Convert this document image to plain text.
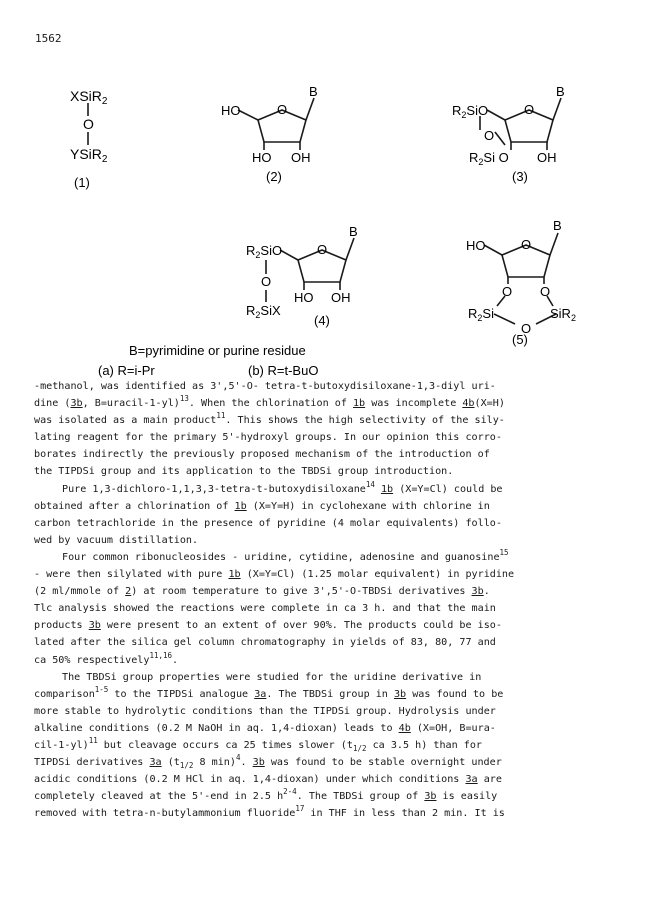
1562
XSiR$_2$
O
YSiR$_2$
(1)
HO	O
B
HO OH
(2)
$R_2SiO$	O
B
O
$R_2Si$ O OH
(3)
$R_2SiO$	O
B
O
$R_2SiX$
HO OH
(4)
HO	O
B
O O
$R_2Si$
O
SiR$_2$
(5)
B=pyrimidine or purine residue
(a) R=i-Pr	(b) R=t-BuO

-methanol, was identified as 3',5'-O- tetra-t-butoxydisiloxane-1,3-diyl uri-
dine (3b, B=uracil-1-yl)$^{13}$. When the chlorination of 1b was incomplete 4b(X=H)
was isolated as a main product$^{11}$. This shows the high selectivity of the sily-
lating reagent for the primary 5'-hydroxyl groups. In our opinion this corro-
borates indirectly the previously proposed mechanism of the introduction of
the TIPDSi group and its application to the TBDSi group introduction.

Pure 1,3-dichloro-1,1,3,3-tetra-t-butoxydisiloxane$^{14}$ 1b (X=Y=Cl) could be
obtained after a chlorination of 1b (X=Y=H) in cyclohexane with chlorine in
carbon tetrachloride in the presence of pyridine (4 molar equivalents) follo-
wed by vacuum distillation.

Four common ribonucleosides - uridine, cytidine, adenosine and guanosine$^{15}$
- were then silylated with pure 1b (X=Y=Cl) (1.25 molar equivalent) in pyridine
(2 ml/mmole of 2) at room temperature to give 3',5'-O-TBDSi derivatives 3b.
Tlc analysis showed the reactions were complete in ca 3 h. and that the main
products 3b were present to an extent of over 90%. The products could be iso-
lated after the silica gel column chromatography in yields of 83, 80, 77 and
ca 50% respectively$^{11,16}$.

The TBDSi group properties were studied for the uridine derivative in
comparison$^{1-5}$ to the TIPDSi analogue 3a. The TBDSi group in 3b was found to be
more stable to hydrolytic conditions than the TIPDSi group. Hydrolysis under
alkaline conditions (0.2 M NaOH in aq. 1,4-dioxan) leads to 4b (X=OH, B=ura-
cil-1-yl)$^{11}$ but cleavage occurs ca 25 times slower ($t_{1/2}$ ca 3.5 h) than for
TIPDSi derivatives 3a ($t_{1/2}$ 8 min)$^4$. 3b was found to be stable overnight under
acidic conditions (0.2 M HCl in aq. 1,4-dioxan) under which conditions 3a are
completely cleaved at the 5'-end in 2.5 $h^{2-4}$. The TBDSi group of 3b is easily
removed with tetra-n-butylammonium fluoride$^{17}$ in THF in less than 2 min. It is
